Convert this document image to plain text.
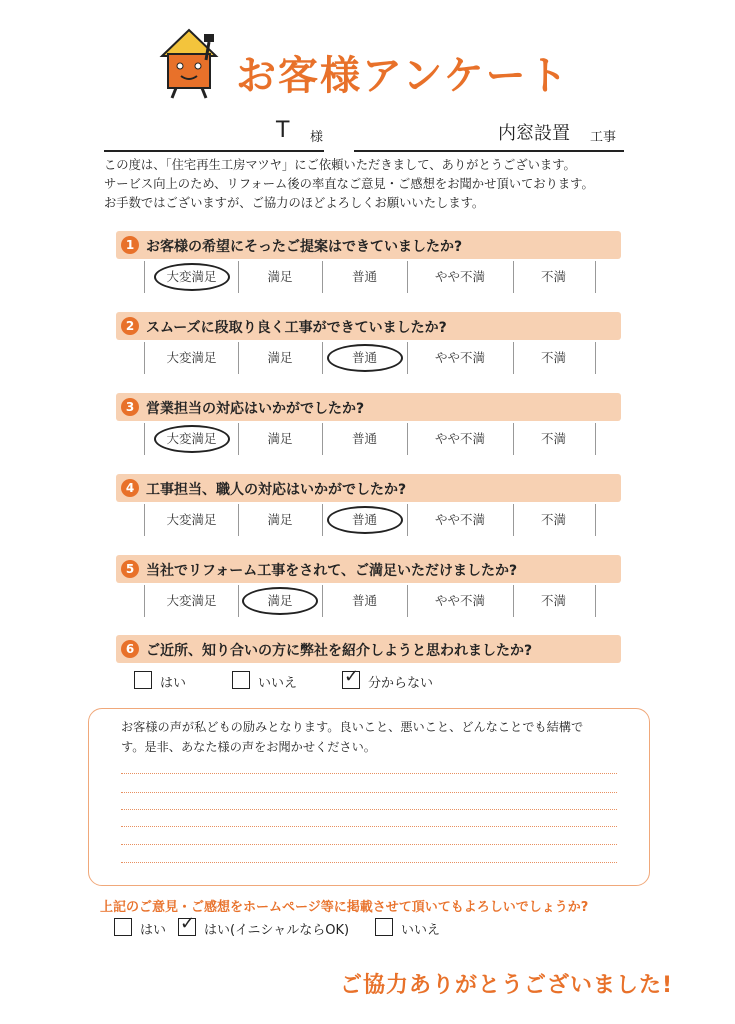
お客様アンケート
T 様	内窓設置 工事
この度は、「住宅再生工房マツヤ」にご依頼いただきまして、ありがとうございます。
サービス向上のため、リフォーム後の率直なご意見・ご感想をお聞かせ頂いております。
お手数ではございますが、ご協力のほどよろしくお願いいたします。
1 お客様の希望にそったご提案はできていましたか?
大変満足	満足	普通	やや不満	不満
2 スムーズに段取り良く工事ができていましたか?
大変満足	満足	普通	やや不満	不満
3 営業担当の対応はいかがでしたか?
大変満足	満足	普通	やや不満	不満
4 工事担当、職人の対応はいかがでしたか?
大変満足	満足	普通	やや不満	不満
5 当社でリフォーム工事をされて、ご満足いただけましたか?
大変満足	満足	普通	やや不満	不満
6 ご近所、知り合いの方に弊社を紹介しようと思われましたか?
はい	いいえ	✓ 分からない
お客様の声が私どもの励みとなります。良いこと、悪いこと、どんなことでも結構で
す。是非、あなた様の声をお聞かせください。
上記のご意見・ご感想をホームページ等に掲載させて頂いてもよろしいでしょうか?
はい ✓ はい(イニシャルならOK)	いいえ
ご協力ありがとうございました!
